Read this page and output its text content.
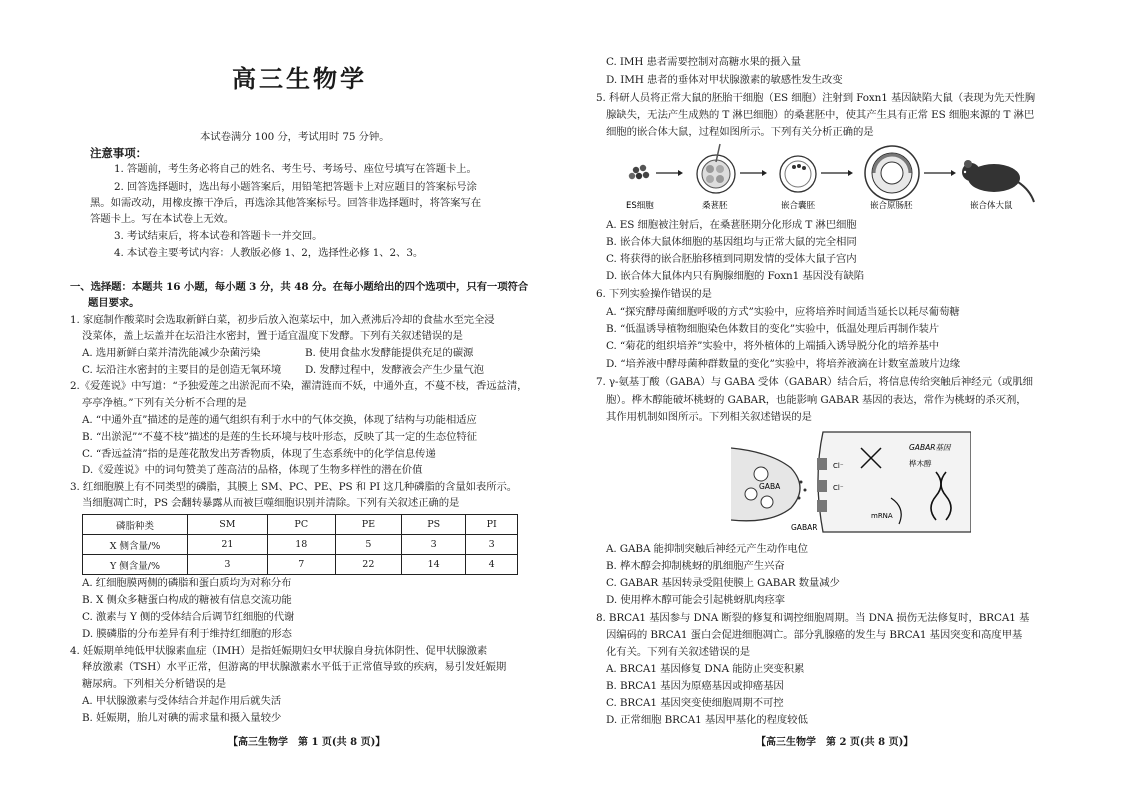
高三生物学
本试卷满分 100 分，考试用时 75 分钟。
注意事项：
1. 答题前，考生务必将自己的姓名、考生号、考场号、座位号填写在答题卡上。
2. 回答选择题时，选出每小题答案后，用铅笔把答题卡上对应题目的答案标号涂
黑。如需改动，用橡皮擦干净后，再选涂其他答案标号。回答非选择题时，将答案写在
答题卡上。写在本试卷上无效。
3. 考试结束后，将本试卷和答题卡一并交回。
4. 本试卷主要考试内容：人教版必修 1、2，选择性必修 1、2、3。
一、选择题：本题共 16 小题，每小题 3 分，共 48 分。在每小题给出的四个选项中，只有一项符合
题目要求。
1. 家庭制作酸菜时会选取新鲜白菜，初步后放入泡菜坛中，加入煮沸后冷却的食盐水至完全浸
没菜体，盖上坛盖并在坛沿注水密封，置于适宜温度下发酵。下列有关叙述错误的是
A. 选用新鲜白菜并清洗能减少杂菌污染	B. 使用食盐水发酵能提供充足的碳源
C. 坛沿注水密封的主要目的是创造无氧环境 D. 发酵过程中，发酵液会产生少量气泡
2.《爱莲说》中写道：“予独爱莲之出淤泥而不染，濯清涟而不妖，中通外直，不蔓不枝，香远益清，
亭亭净植。”下列有关分析不合理的是
A. “中通外直”描述的是莲的通气组织有利于水中的气体交换，体现了结构与功能相适应
B. “出淤泥”“不蔓不枝”描述的是莲的生长环境与枝叶形态，反映了其一定的生态位特征
C. “香远益清”指的是莲花散发出芳香物质，体现了生态系统中的化学信息传递
D.《爱莲说》中的词句赞美了莲高洁的品格，体现了生物多样性的潜在价值
3. 红细胞膜上有不同类型的磷脂，其膜上 SM、PC、PE、PS 和 PI 这几种磷脂的含量如表所示。
当细胞凋亡时，PS 会翻转暴露从而被巨噬细胞识别并清除。下列有关叙述正确的是
磷脂种类	SM	PC	PE	PS	PI
X 侧含量/%	21	18	5	3	3
Y 侧含量/%	3	7	22	14	4
A. 红细胞膜两侧的磷脂和蛋白质均为对称分布
B. X 侧众多糖蛋白构成的糖被有信息交流功能
C. 激素与 Y 侧的受体结合后调节红细胞的代谢
D. 膜磷脂的分布差异有利于维持红细胞的形态
4. 妊娠期单纯低甲状腺素血症（IMH）是指妊娠期妇女甲状腺自身抗体阴性、促甲状腺激素
释放激素（TSH）水平正常，但游离的甲状腺激素水平低于正常值导致的疾病，易引发妊娠期
糖尿病。下列相关分析错误的是
A. 甲状腺激素与受体结合并起作用后就失活
B. 妊娠期，胎儿对碘的需求量和摄入量较少
【高三生物学　第 1 页(共 8 页)】
C. IMH 患者需要控制对高糖水果的摄入量
D. IMH 患者的垂体对甲状腺激素的敏感性发生改变
5. 科研人员将正常大鼠的胚胎干细胞（ES 细胞）注射到 Foxn1 基因缺陷大鼠（表现为先天性胸
腺缺失，无法产生成熟的 T 淋巴细胞）的桑葚胚中，使其产生具有正常 ES 细胞来源的 T 淋巴
细胞的嵌合体大鼠，过程如图所示。下列有关分析正确的是
ES细胞	桑葚胚	嵌合囊胚	嵌合原肠胚	嵌合体大鼠
A. ES 细胞被注射后，在桑葚胚期分化形成 T 淋巴细胞
B. 嵌合体大鼠体细胞的基因组均与正常大鼠的完全相同
C. 将获得的嵌合胚胎移植到同期发情的受体大鼠子宫内
D. 嵌合体大鼠体内只有胸腺细胞的 Foxn1 基因没有缺陷
6. 下列实验操作错误的是
A. “探究酵母菌细胞呼吸的方式”实验中，应将培养时间适当延长以耗尽葡萄糖
B. “低温诱导植物细胞染色体数目的变化”实验中，低温处理后再制作装片
C. “菊花的组织培养”实验中，将外植体的上端插入诱导脱分化的培养基中
D. “培养液中酵母菌种群数量的变化”实验中，将培养液滴在计数室盖玻片边缘
7. γ-氨基丁酸（GABA）与 GABA 受体（GABAR）结合后，将信息传给突触后神经元（或肌细
胞）。桦木醇能破坏桃蚜的 GABAR，也能影响 GABAR 基因的表达，常作为桃蚜的杀灭剂，
其作用机制如图所示。下列相关叙述错误的是
GABA
Cl⁻
Cl⁻
GABAR
mRNA
GABAR基因
桦木醇
A. GABA 能抑制突触后神经元产生动作电位
B. 桦木醇会抑制桃蚜的肌细胞产生兴奋
C. GABAR 基因转录受阻使膜上 GABAR 数量减少
D. 使用桦木醇可能会引起桃蚜肌肉痉挛
8. BRCA1 基因参与 DNA 断裂的修复和调控细胞周期。当 DNA 损伤无法修复时，BRCA1 基
因编码的 BRCA1 蛋白会促进细胞凋亡。部分乳腺癌的发生与 BRCA1 基因突变和高度甲基
化有关。下列有关叙述错误的是
A. BRCA1 基因修复 DNA 能防止突变积累
B. BRCA1 基因为原癌基因或抑癌基因
C. BRCA1 基因突变使细胞周期不可控
D. 正常细胞 BRCA1 基因甲基化的程度较低
【高三生物学　第 2 页(共 8 页)】
